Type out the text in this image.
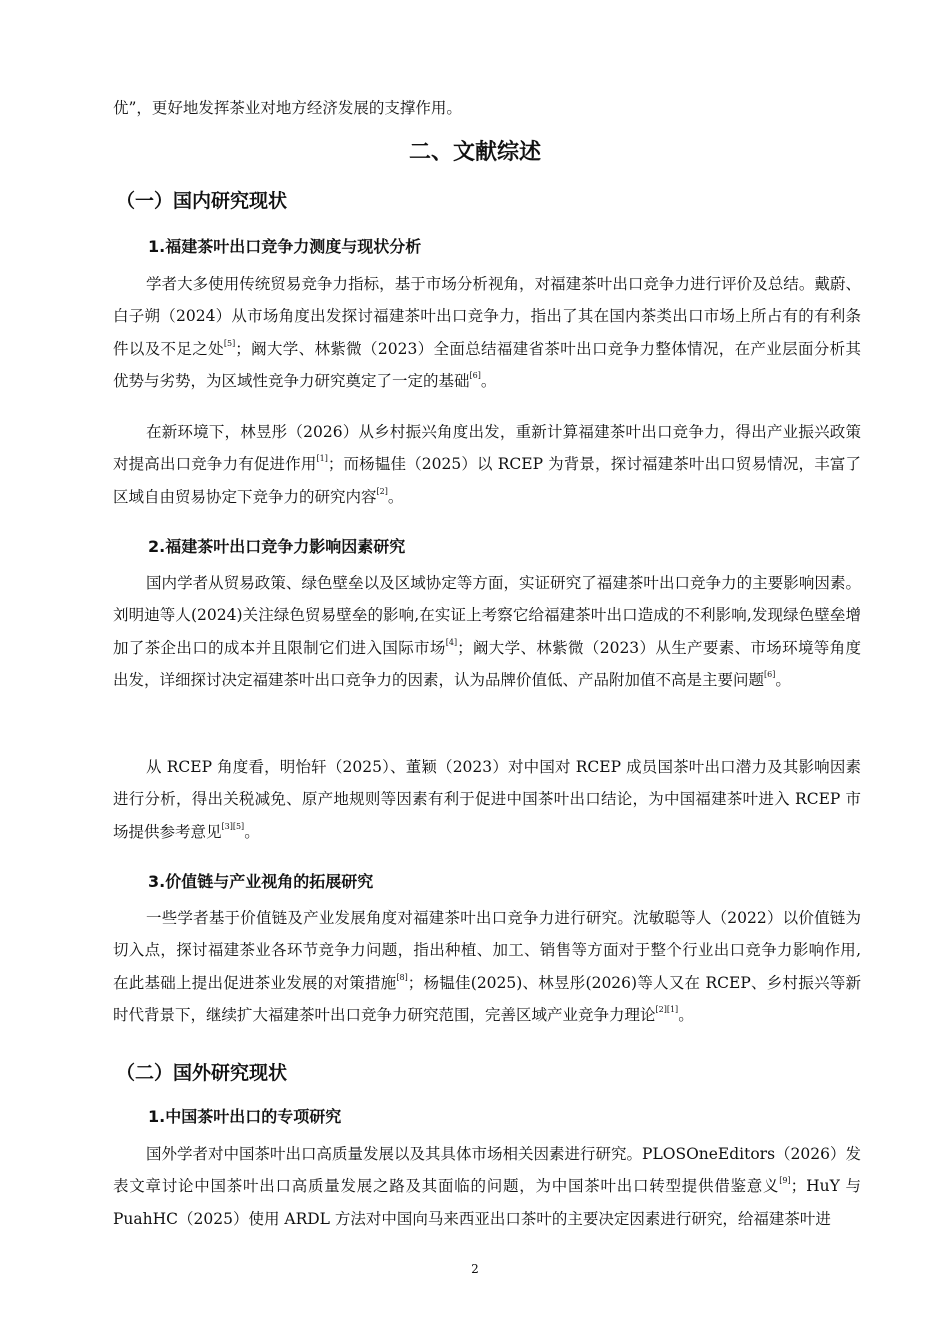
优”，更好地发挥茶业对地方经济发展的支撑作用。

二、文献综述
（一）国内研究现状
1.福建茶叶出口竞争力测度与现状分析

学者大多使用传统贸易竞争力指标，基于市场分析视角，对福建茶叶出口竞争力进行评价及总结。戴蔚、白子朔（2024）从市场角度出发探讨福建茶叶出口竞争力，指出了其在国内茶类出口市场上所占有的有利条件以及不足之处[5]；阚大学、林紫微（2023）全面总结福建省茶叶出口竞争力整体情况，在产业层面分析其优势与劣势，为区域性竞争力研究奠定了一定的基础[6]。

在新环境下，林昱彤（2026）从乡村振兴角度出发，重新计算福建茶叶出口竞争力，得出产业振兴政策对提高出口竞争力有促进作用[1]；而杨韫佳（2025）以 RCEP 为背景，探讨福建茶叶出口贸易情况，丰富了区域自由贸易协定下竞争力的研究内容[2]。

2.福建茶叶出口竞争力影响因素研究

国内学者从贸易政策、绿色壁垒以及区域协定等方面，实证研究了福建茶叶出口竞争力的主要影响因素。刘明迪等人(2024)关注绿色贸易壁垒的影响,在实证上考察它给福建茶叶出口造成的不利影响,发现绿色壁垒增加了茶企出口的成本并且限制它们进入国际市场[4]；阚大学、林紫微（2023）从生产要素、市场环境等角度出发，详细探讨决定福建茶叶出口竞争力的因素，认为品牌价值低、产品附加值不高是主要问题[6]。

从 RCEP 角度看，明怡轩（2025）、董颖（2023）对中国对 RCEP 成员国茶叶出口潜力及其影响因素进行分析，得出关税减免、原产地规则等因素有利于促进中国茶叶出口结论，为中国福建茶叶进入 RCEP 市场提供参考意见[3][5]。

3.价值链与产业视角的拓展研究

一些学者基于价值链及产业发展角度对福建茶叶出口竞争力进行研究。沈敏聪等人（2022）以价值链为切入点，探讨福建茶业各环节竞争力问题，指出种植、加工、销售等方面对于整个行业出口竞争力影响作用,在此基础上提出促进茶业发展的对策措施[8]；杨韫佳(2025)、林昱彤(2026)等人又在 RCEP、乡村振兴等新时代背景下，继续扩大福建茶叶出口竞争力研究范围，完善区域产业竞争力理论[2][1]。

（二）国外研究现状
1.中国茶叶出口的专项研究

国外学者对中国茶叶出口高质量发展以及其具体市场相关因素进行研究。PLOSOneEditors（2026）发表文章讨论中国茶叶出口高质量发展之路及其面临的问题，为中国茶叶出口转型提供借鉴意义[9]；HuY 与 PuahHC（2025）使用 ARDL 方法对中国向马来西亚出口茶叶的主要决定因素进行研究，给福建茶叶进

2
